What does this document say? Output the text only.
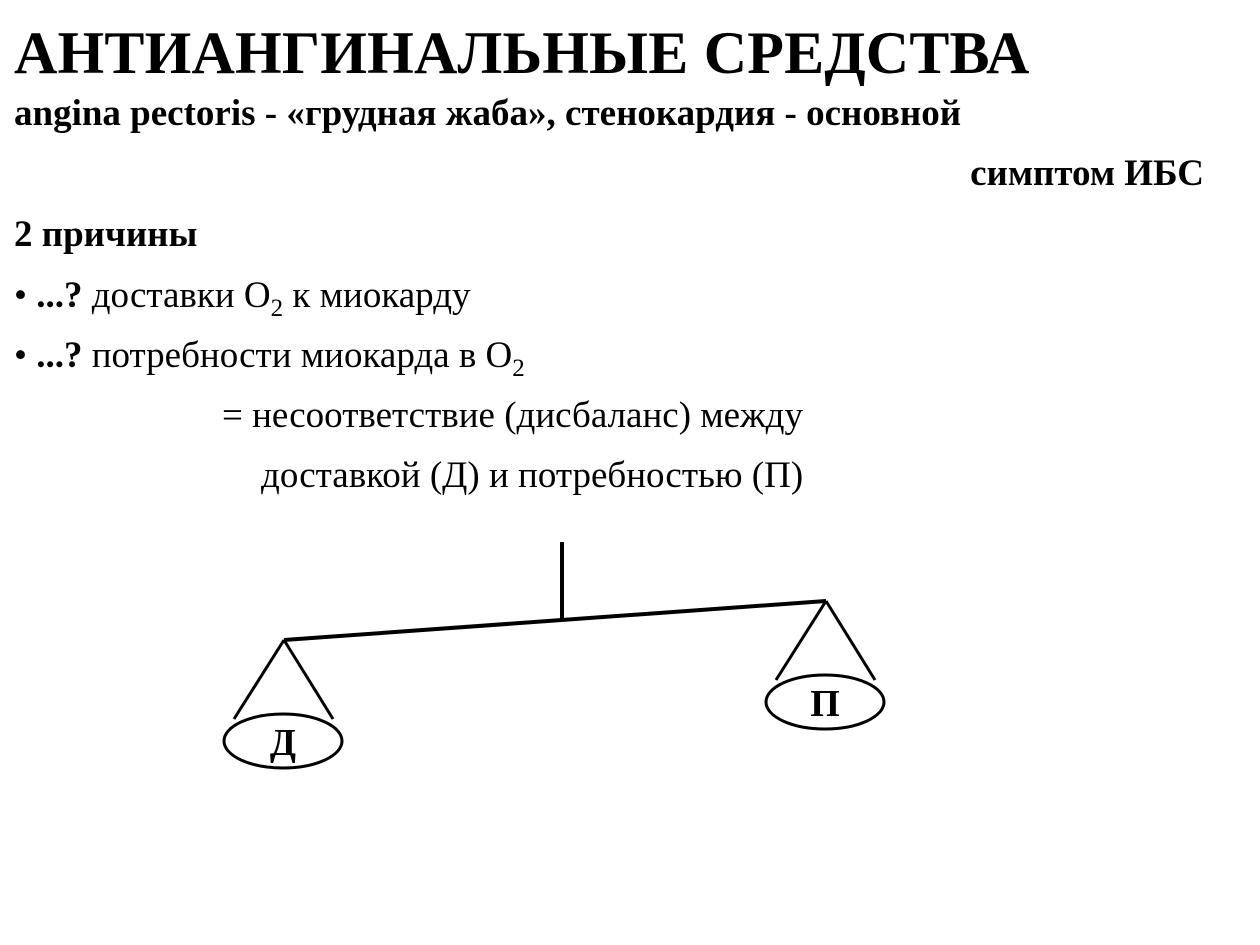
АНТИАНГИНАЛЬНЫЕ СРЕДСТВА
angina pectoris - «грудная жаба», стенокардия - основной
симптом ИБС
2 причины
• ...? доставки $O_2$ к миокарду
• ...? потребности миокарда в $O_2$
= несоответствие (дисбаланс) между
доставкой (Д) и потребностью (П)
Д
П
